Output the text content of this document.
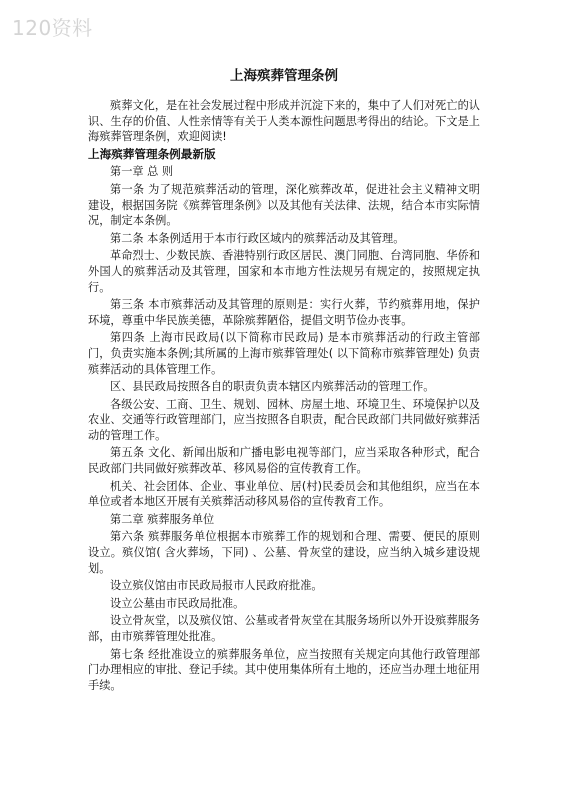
120资料
上海殡葬管理条例
殡葬文化，是在社会发展过程中形成并沉淀下来的，集中了人们对死亡的认识、生存的价值、人性亲情等有关于人类本源性问题思考得出的结论。下文是上海殡葬管理条例，欢迎阅读!
上海殡葬管理条例最新版
第一章 总 则
第一条 为了规范殡葬活动的管理，深化殡葬改革，促进社会主义精神文明建设，根据国务院《殡葬管理条例》以及其他有关法律、法规，结合本市实际情况，制定本条例。
第二条 本条例适用于本市行政区域内的殡葬活动及其管理。
革命烈士、少数民族、香港特别行政区居民、澳门同胞、台湾同胞、华侨和外国人的殡葬活动及其管理，国家和本市地方性法规另有规定的，按照规定执行。
第三条 本市殡葬活动及其管理的原则是：实行火葬，节约殡葬用地，保护环境，尊重中华民族美德，革除殡葬陋俗，提倡文明节俭办丧事。
第四条 上海市民政局(以下简称市民政局) 是本市殡葬活动的行政主管部门，负责实施本条例;其所属的上海市殡葬管理处( 以下简称市殡葬管理处) 负责殡葬活动的具体管理工作。
区、县民政局按照各自的职责负责本辖区内殡葬活动的管理工作。
各级公安、工商、卫生、规划、园林、房屋土地、环境卫生、环境保护以及农业、交通等行政管理部门，应当按照各自职责，配合民政部门共同做好殡葬活动的管理工作。
第五条 文化、新闻出版和广播电影电视等部门，应当采取各种形式，配合民政部门共同做好殡葬改革、移风易俗的宣传教育工作。
机关、社会团体、企业、事业单位、居(村)民委员会和其他组织，应当在本单位或者本地区开展有关殡葬活动移风易俗的宣传教育工作。
第二章 殡葬服务单位
第六条 殡葬服务单位根据本市殡葬工作的规划和合理、需要、便民的原则设立。殡仪馆( 含火葬场，下同) 、公墓、骨灰堂的建设，应当纳入城乡建设规划。
设立殡仪馆由市民政局报市人民政府批准。
设立公墓由市民政局批准。
设立骨灰堂，以及殡仪馆、公墓或者骨灰堂在其服务场所以外开设殡葬服务部，由市殡葬管理处批准。
第七条 经批准设立的殡葬服务单位，应当按照有关规定向其他行政管理部门办理相应的审批、登记手续。其中使用集体所有土地的，还应当办理土地征用手续。
